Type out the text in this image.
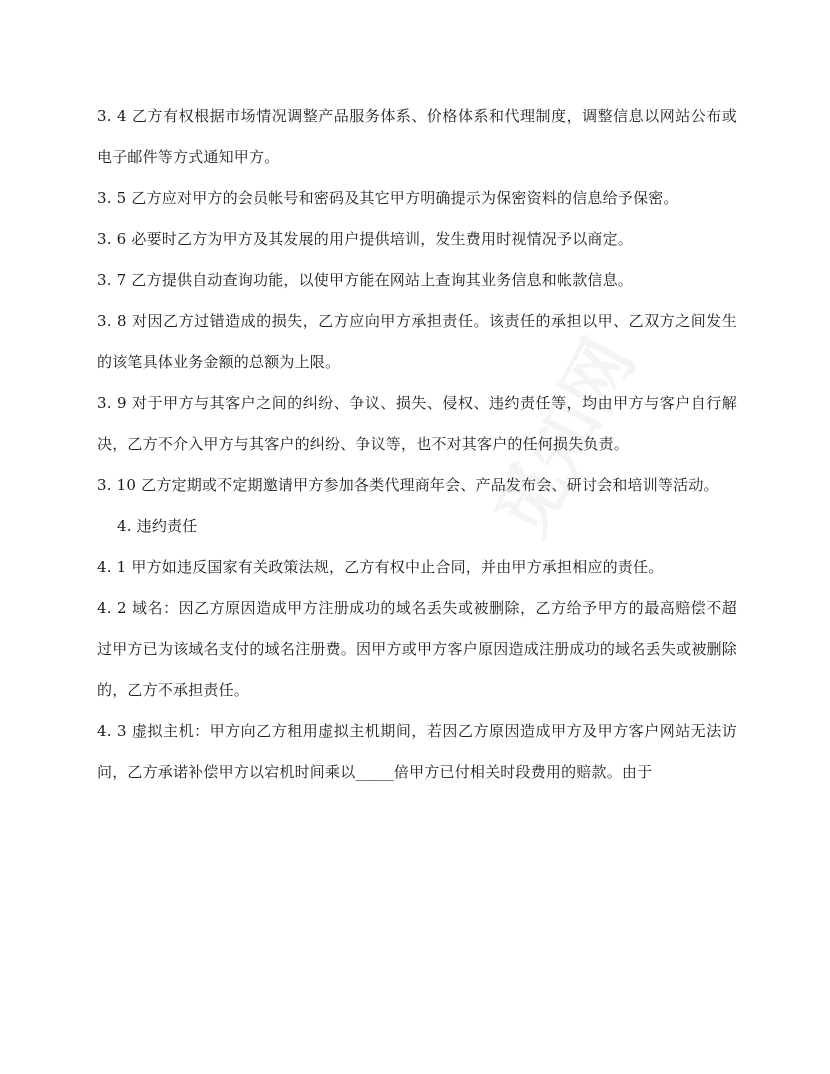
觅知网

3. 4 乙方有权根据市场情况调整产品服务体系、价格体系和代理制度，调整信息以网站公布或电子邮件等方式通知甲方。

3. 5 乙方应对甲方的会员帐号和密码及其它甲方明确提示为保密资料的信息给予保密。

3. 6 必要时乙方为甲方及其发展的用户提供培训，发生费用时视情况予以商定。

3. 7 乙方提供自动查询功能，以使甲方能在网站上查询其业务信息和帐款信息。

3. 8 对因乙方过错造成的损失，乙方应向甲方承担责任。该责任的承担以甲、乙双方之间发生的该笔具体业务金额的总额为上限。

3. 9 对于甲方与其客户之间的纠纷、争议、损失、侵权、违约责任等，均由甲方与客户自行解决，乙方不介入甲方与其客户的纠纷、争议等，也不对其客户的任何损失负责。

3. 10 乙方定期或不定期邀请甲方参加各类代理商年会、产品发布会、研讨会和培训等活动。

4. 违约责任

4. 1 甲方如违反国家有关政策法规，乙方有权中止合同，并由甲方承担相应的责任。

4. 2 域名：因乙方原因造成甲方注册成功的域名丢失或被删除，乙方给予甲方的最高赔偿不超过甲方已为该域名支付的域名注册费。因甲方或甲方客户原因造成注册成功的域名丢失或被删除的，乙方不承担责任。

4. 3 虚拟主机：甲方向乙方租用虚拟主机期间，若因乙方原因造成甲方及甲方客户网站无法访问，乙方承诺补偿甲方以宕机时间乘以_____倍甲方已付相关时段费用的赔款。由于
